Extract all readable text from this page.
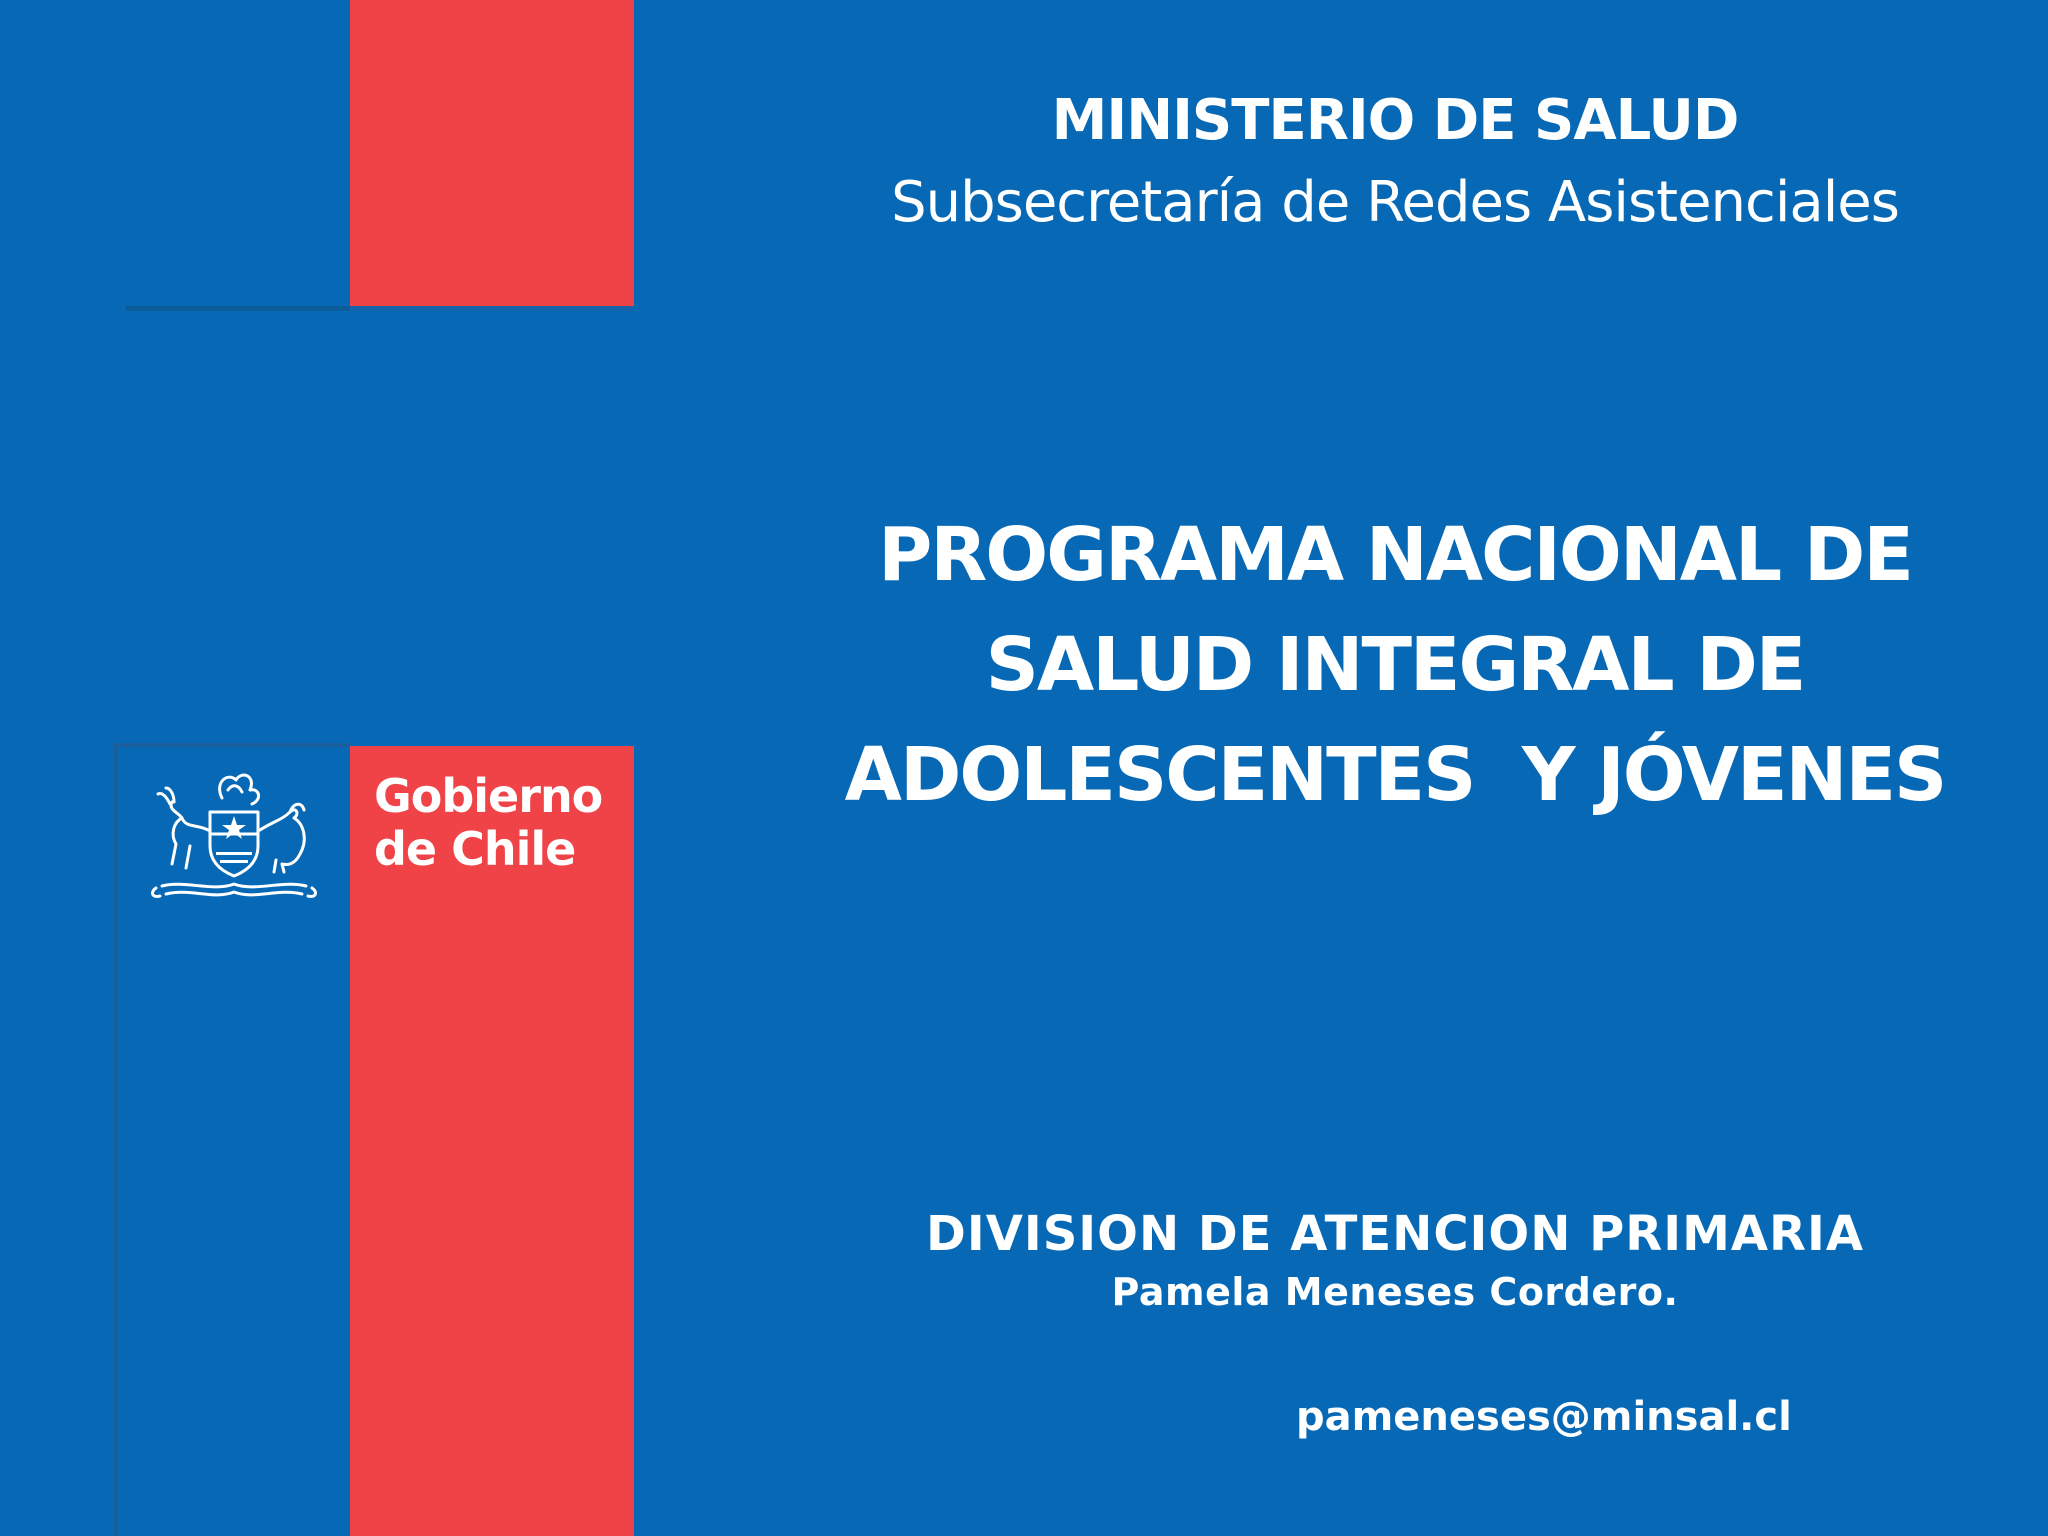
Gobierno
de Chile
MINISTERIO DE SALUD
Subsecretaría de Redes Asistenciales
PROGRAMA NACIONAL DE
SALUD INTEGRAL DE
ADOLESCENTES  Y JÓVENES
DIVISION DE ATENCION PRIMARIA
Pamela Meneses Cordero.
pameneses@minsal.cl
